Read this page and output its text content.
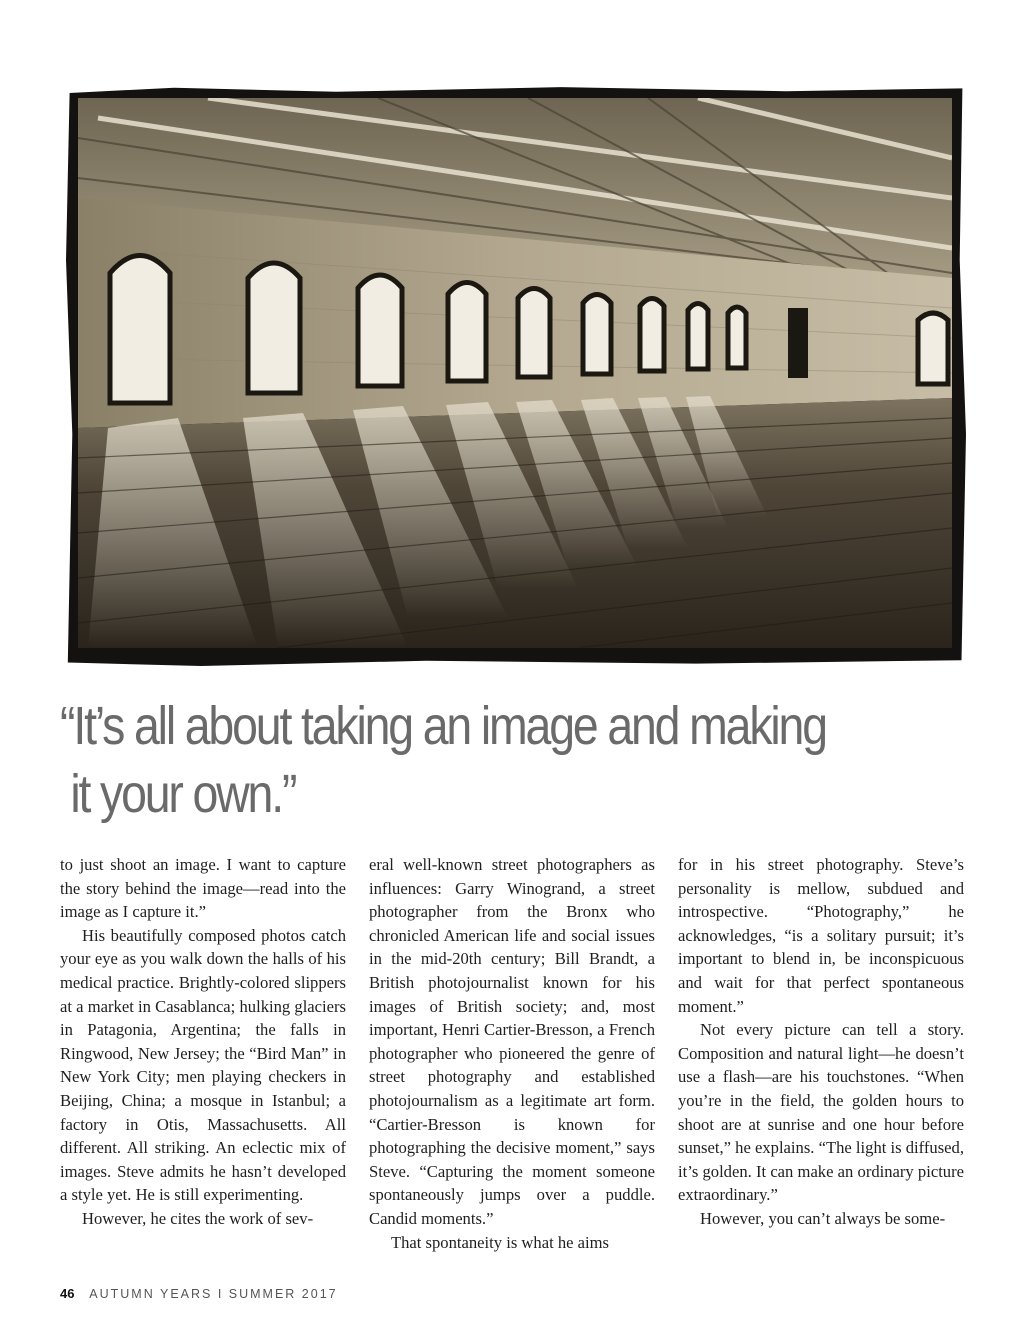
“It’s all about taking an image and making
it your own.”

to just shoot an image. I want to capture the story behind the image—read into the image as I capture it.”

His beautifully composed photos catch your eye as you walk down the halls of his medical practice. Brightly-colored slippers at a market in Casablanca; hulking glaciers in Patagonia, Argentina; the falls in Ringwood, New Jersey; the “Bird Man” in New York City; men playing checkers in Beijing, China; a mosque in Istanbul; a factory in Otis, Massachusetts. All different. All striking. An eclectic mix of images. Steve admits he hasn’t developed a style yet. He is still experimenting.

However, he cites the work of sev-

eral well-known street photographers as influences: Garry Winogrand, a street photographer from the Bronx who chronicled American life and social issues in the mid-20th century; Bill Brandt, a British photojournalist known for his images of British society; and, most important, Henri Cartier-Bresson, a French photographer who pioneered the genre of street photography and established photojournalism as a legitimate art form. “Cartier-Bresson is known for photographing the decisive moment,” says Steve. “Capturing the moment someone spontaneously jumps over a puddle. Candid moments.”

That spontaneity is what he aims

for in his street photography. Steve’s personality is mellow, subdued and introspective. “Photography,” he acknowledges, “is a solitary pursuit; it’s important to blend in, be inconspicuous and wait for that perfect spontaneous moment.”

Not every picture can tell a story. Composition and natural light—he doesn’t use a flash—are his touchstones. “When you’re in the field, the golden hours to shoot are at sunrise and one hour before sunset,” he explains. “The light is diffused, it’s golden. It can make an ordinary picture extraordinary.”

However, you can’t always be some-

46 AUTUMN YEARS I SUMMER 2017
